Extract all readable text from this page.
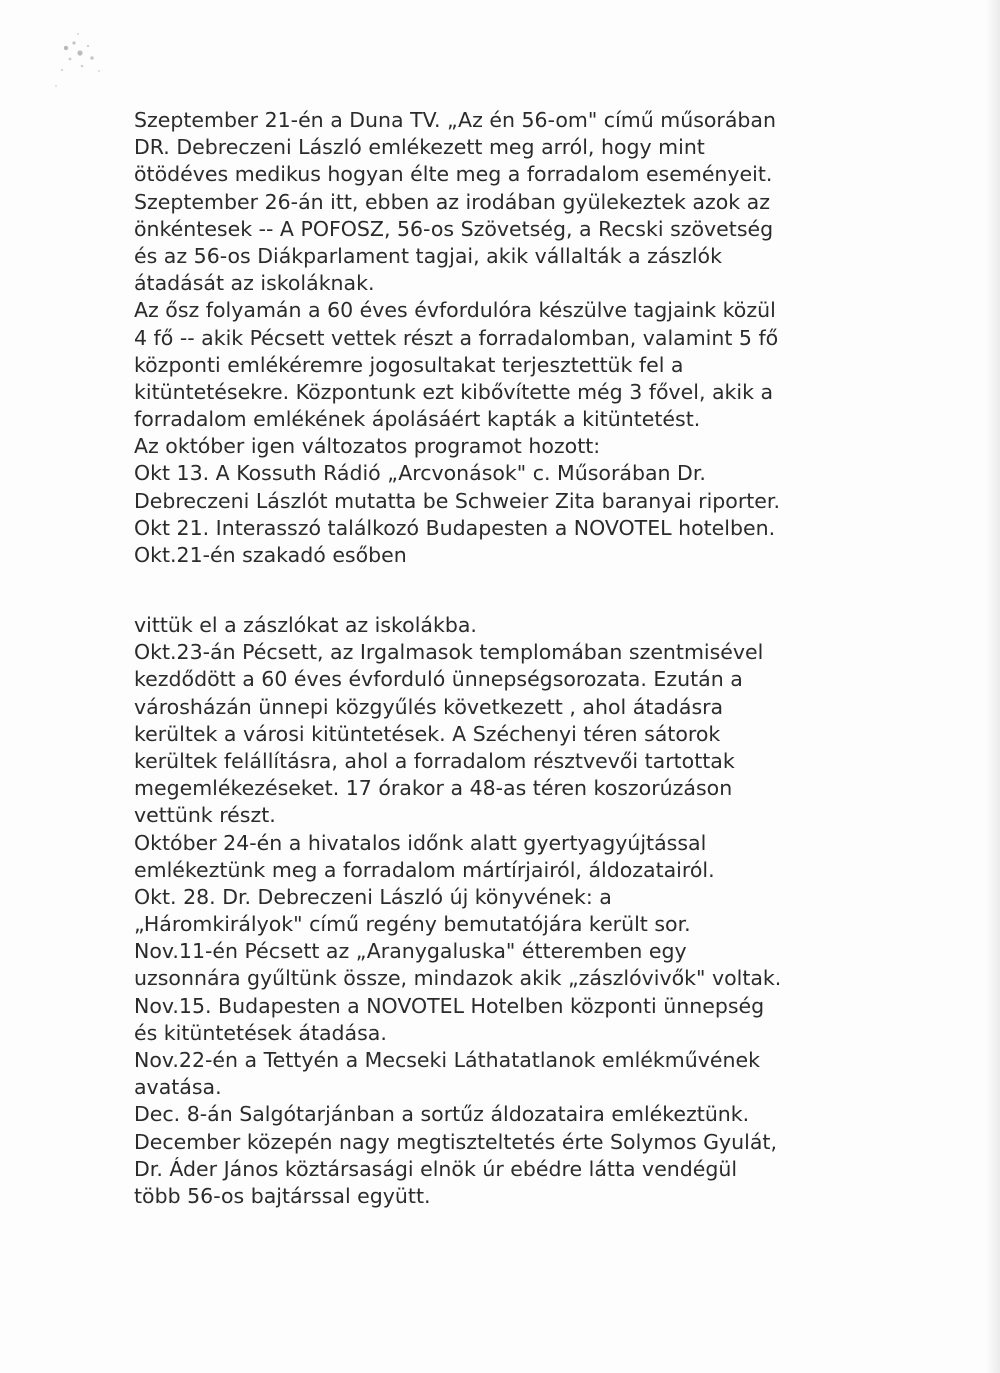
Szeptember 21-én a Duna TV. „Az én 56-om" című műsorában
DR. Debreczeni László emlékezett meg arról, hogy mint
ötödéves medikus hogyan élte meg a forradalom eseményeit.
Szeptember 26-án itt, ebben az irodában gyülekeztek azok az
önkéntesek -- A POFOSZ, 56-os Szövetség, a Recski szövetség
és az 56-os Diákparlament tagjai, akik vállalták a zászlók
átadását az iskoláknak.
Az ősz folyamán a 60 éves évfordulóra készülve tagjaink közül
4 fő -- akik Pécsett vettek részt a forradalomban, valamint 5 fő
központi emlékéremre jogosultakat terjesztettük fel a
kitüntetésekre. Központunk ezt kibővítette még 3 fővel, akik a
forradalom emlékének ápolásáért kapták a kitüntetést.
Az október igen változatos programot hozott:
Okt 13. A Kossuth Rádió „Arcvonások" c. Műsorában Dr.
Debreczeni Lászlót mutatta be Schweier Zita baranyai riporter.
Okt 21. Interasszó találkozó Budapesten a NOVOTEL hotelben.
Okt.21-én szakadó esőben
vittük el a zászlókat az iskolákba.
Okt.23-án Pécsett, az Irgalmasok templomában szentmisével
kezdődött a 60 éves évforduló ünnepségsorozata. Ezután a
városházán ünnepi közgyűlés következett , ahol átadásra
kerültek a városi kitüntetések. A Széchenyi téren sátorok
kerültek felállításra, ahol a forradalom résztvevői tartottak
megemlékezéseket. 17 órakor a 48-as téren koszorúzáson
vettünk részt.
Október 24-én a hivatalos időnk alatt gyertyagyújtással
emlékeztünk meg a forradalom mártírjairól, áldozatairól.
Okt. 28. Dr. Debreczeni László új könyvének: a
„Háromkirályok" című regény bemutatójára került sor.
Nov.11-én Pécsett az „Aranygaluska" étteremben egy
uzsonnára gyűltünk össze, mindazok akik „zászlóvivők" voltak.
Nov.15. Budapesten a NOVOTEL Hotelben központi ünnepség
és kitüntetések átadása.
Nov.22-én a Tettyén a Mecseki Láthatatlanok emlékművének
avatása.
Dec. 8-án Salgótarjánban a sortűz áldozataira emlékeztünk.
December közepén nagy megtiszteltetés érte Solymos Gyulát,
Dr. Áder János köztársasági elnök úr ebédre látta vendégül
több 56-os bajtárssal együtt.
